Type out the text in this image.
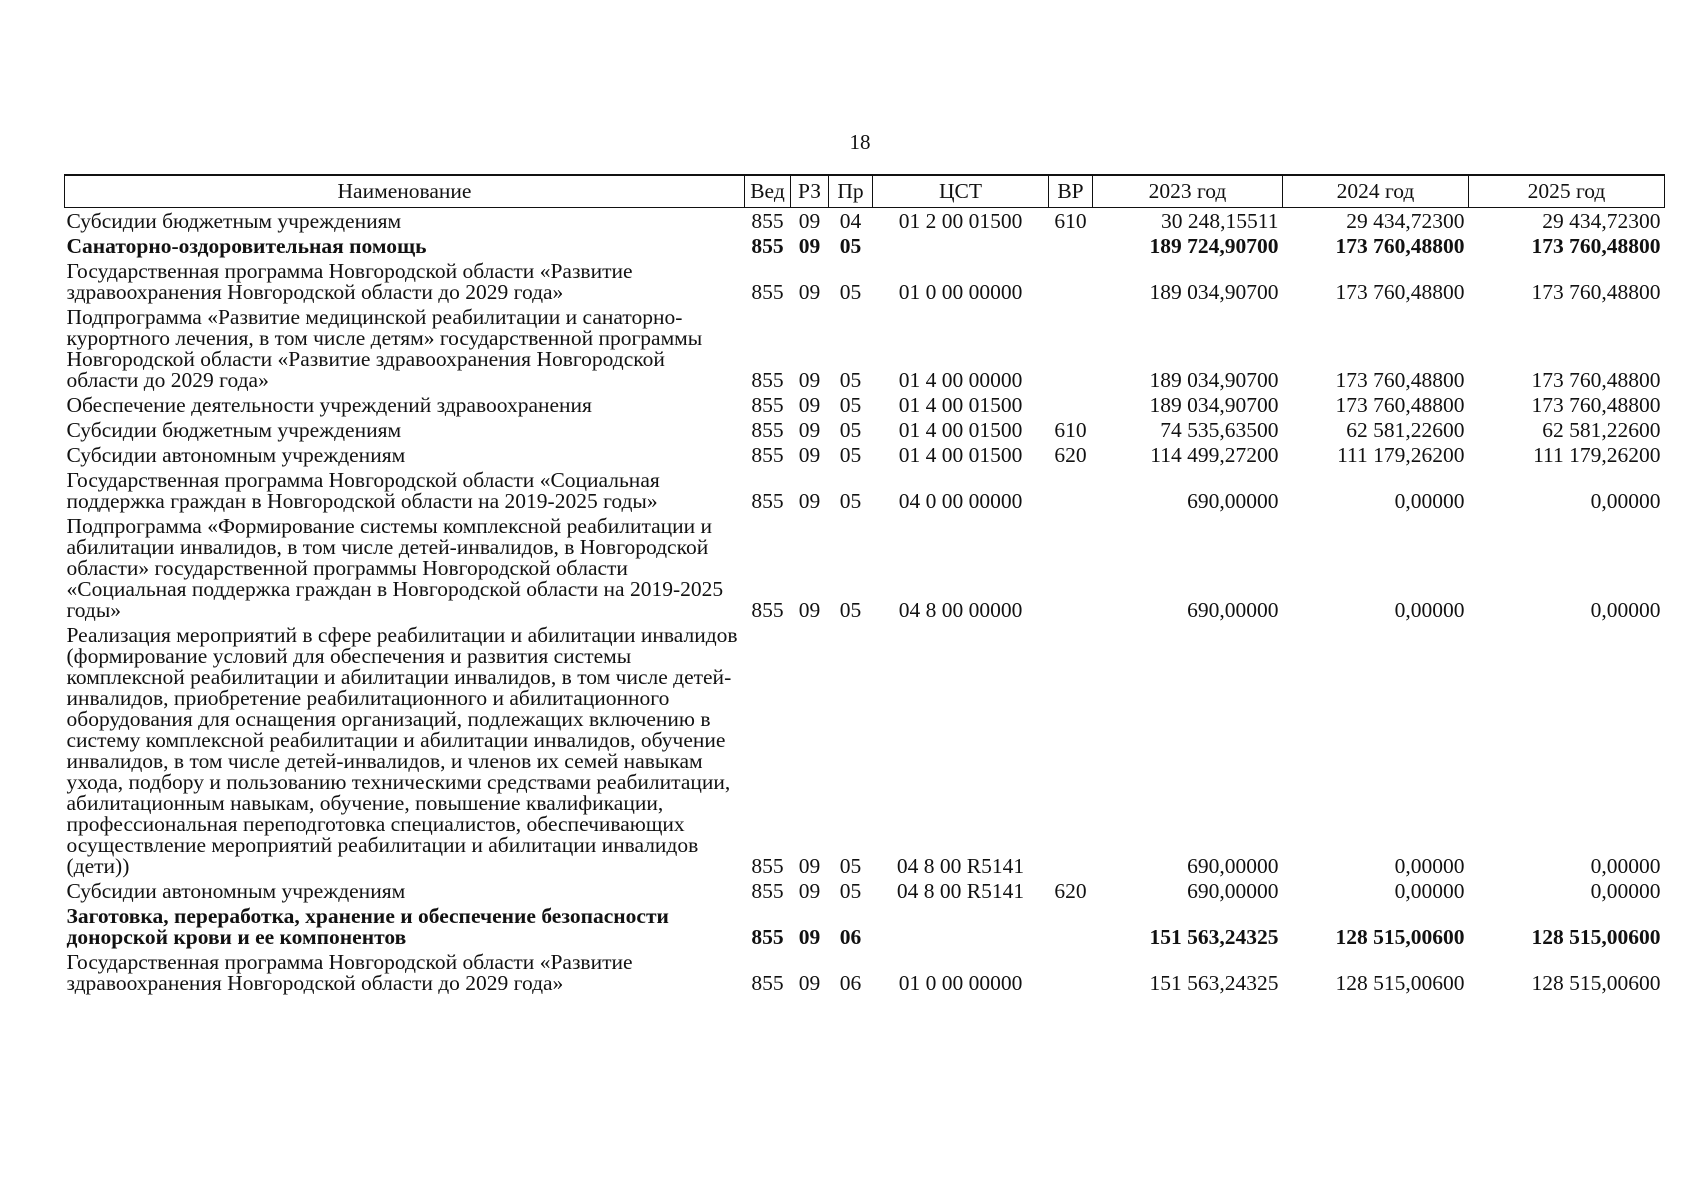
18
Наименование	Вед	РЗ	Пр	ЦСТ	ВР	2023 год	2024 год	2025 год
Субсидии бюджетным учреждениям	855	09	04	01 2 00 01500	610	30 248,15511	29 434,72300	29 434,72300
Санаторно-оздоровительная помощь	855	09	05			189 724,90700	173 760,48800	173 760,48800
Государственная программа Новгородской области «Развитие здравоохранения Новгородской области до 2029 года»	855	09	05	01 0 00 00000		189 034,90700	173 760,48800	173 760,48800
Подпрограмма «Развитие медицинской реабилитации и санаторно-курортного лечения, в том числе детям» государственной программы Новгородской области «Развитие здравоохранения Новгородской области до 2029 года»	855	09	05	01 4 00 00000		189 034,90700	173 760,48800	173 760,48800
Обеспечение деятельности учреждений здравоохранения	855	09	05	01 4 00 01500		189 034,90700	173 760,48800	173 760,48800
Субсидии бюджетным учреждениям	855	09	05	01 4 00 01500	610	74 535,63500	62 581,22600	62 581,22600
Субсидии автономным учреждениям	855	09	05	01 4 00 01500	620	114 499,27200	111 179,26200	111 179,26200
Государственная программа Новгородской области «Социальная поддержка граждан в Новгородской области на 2019-2025 годы»	855	09	05	04 0 00 00000		690,00000	0,00000	0,00000
Подпрограмма «Формирование системы комплексной реабилитации и абилитации инвалидов, в том числе детей-инвалидов, в Новгородской области» государственной программы Новгородской области «Социальная поддержка граждан в Новгородской области на 2019-2025 годы»	855	09	05	04 8 00 00000		690,00000	0,00000	0,00000
Реализация мероприятий в сфере реабилитации и абилитации инвалидов (формирование условий для обеспечения и развития системы комплексной реабилитации и абилитации инвалидов, в том числе детей-инвалидов, приобретение реабилитационного и абилитационного оборудования для оснащения организаций, подлежащих включению в систему комплексной реабилитации и абилитации инвалидов, обучение инвалидов, в том числе детей-инвалидов, и членов их семей навыкам ухода, подбору и пользованию техническими средствами реабилитации, абилитационным навыкам, обучение, повышение квалификации, профессиональная переподготовка специалистов, обеспечивающих осуществление мероприятий реабилитации и абилитации инвалидов (дети))	855	09	05	04 8 00 R5141		690,00000	0,00000	0,00000
Субсидии автономным учреждениям	855	09	05	04 8 00 R5141	620	690,00000	0,00000	0,00000
Заготовка, переработка, хранение и обеспечение безопасности донорской крови и ее компонентов	855	09	06			151 563,24325	128 515,00600	128 515,00600
Государственная программа Новгородской области «Развитие здравоохранения Новгородской области до 2029 года»	855	09	06	01 0 00 00000		151 563,24325	128 515,00600	128 515,00600
